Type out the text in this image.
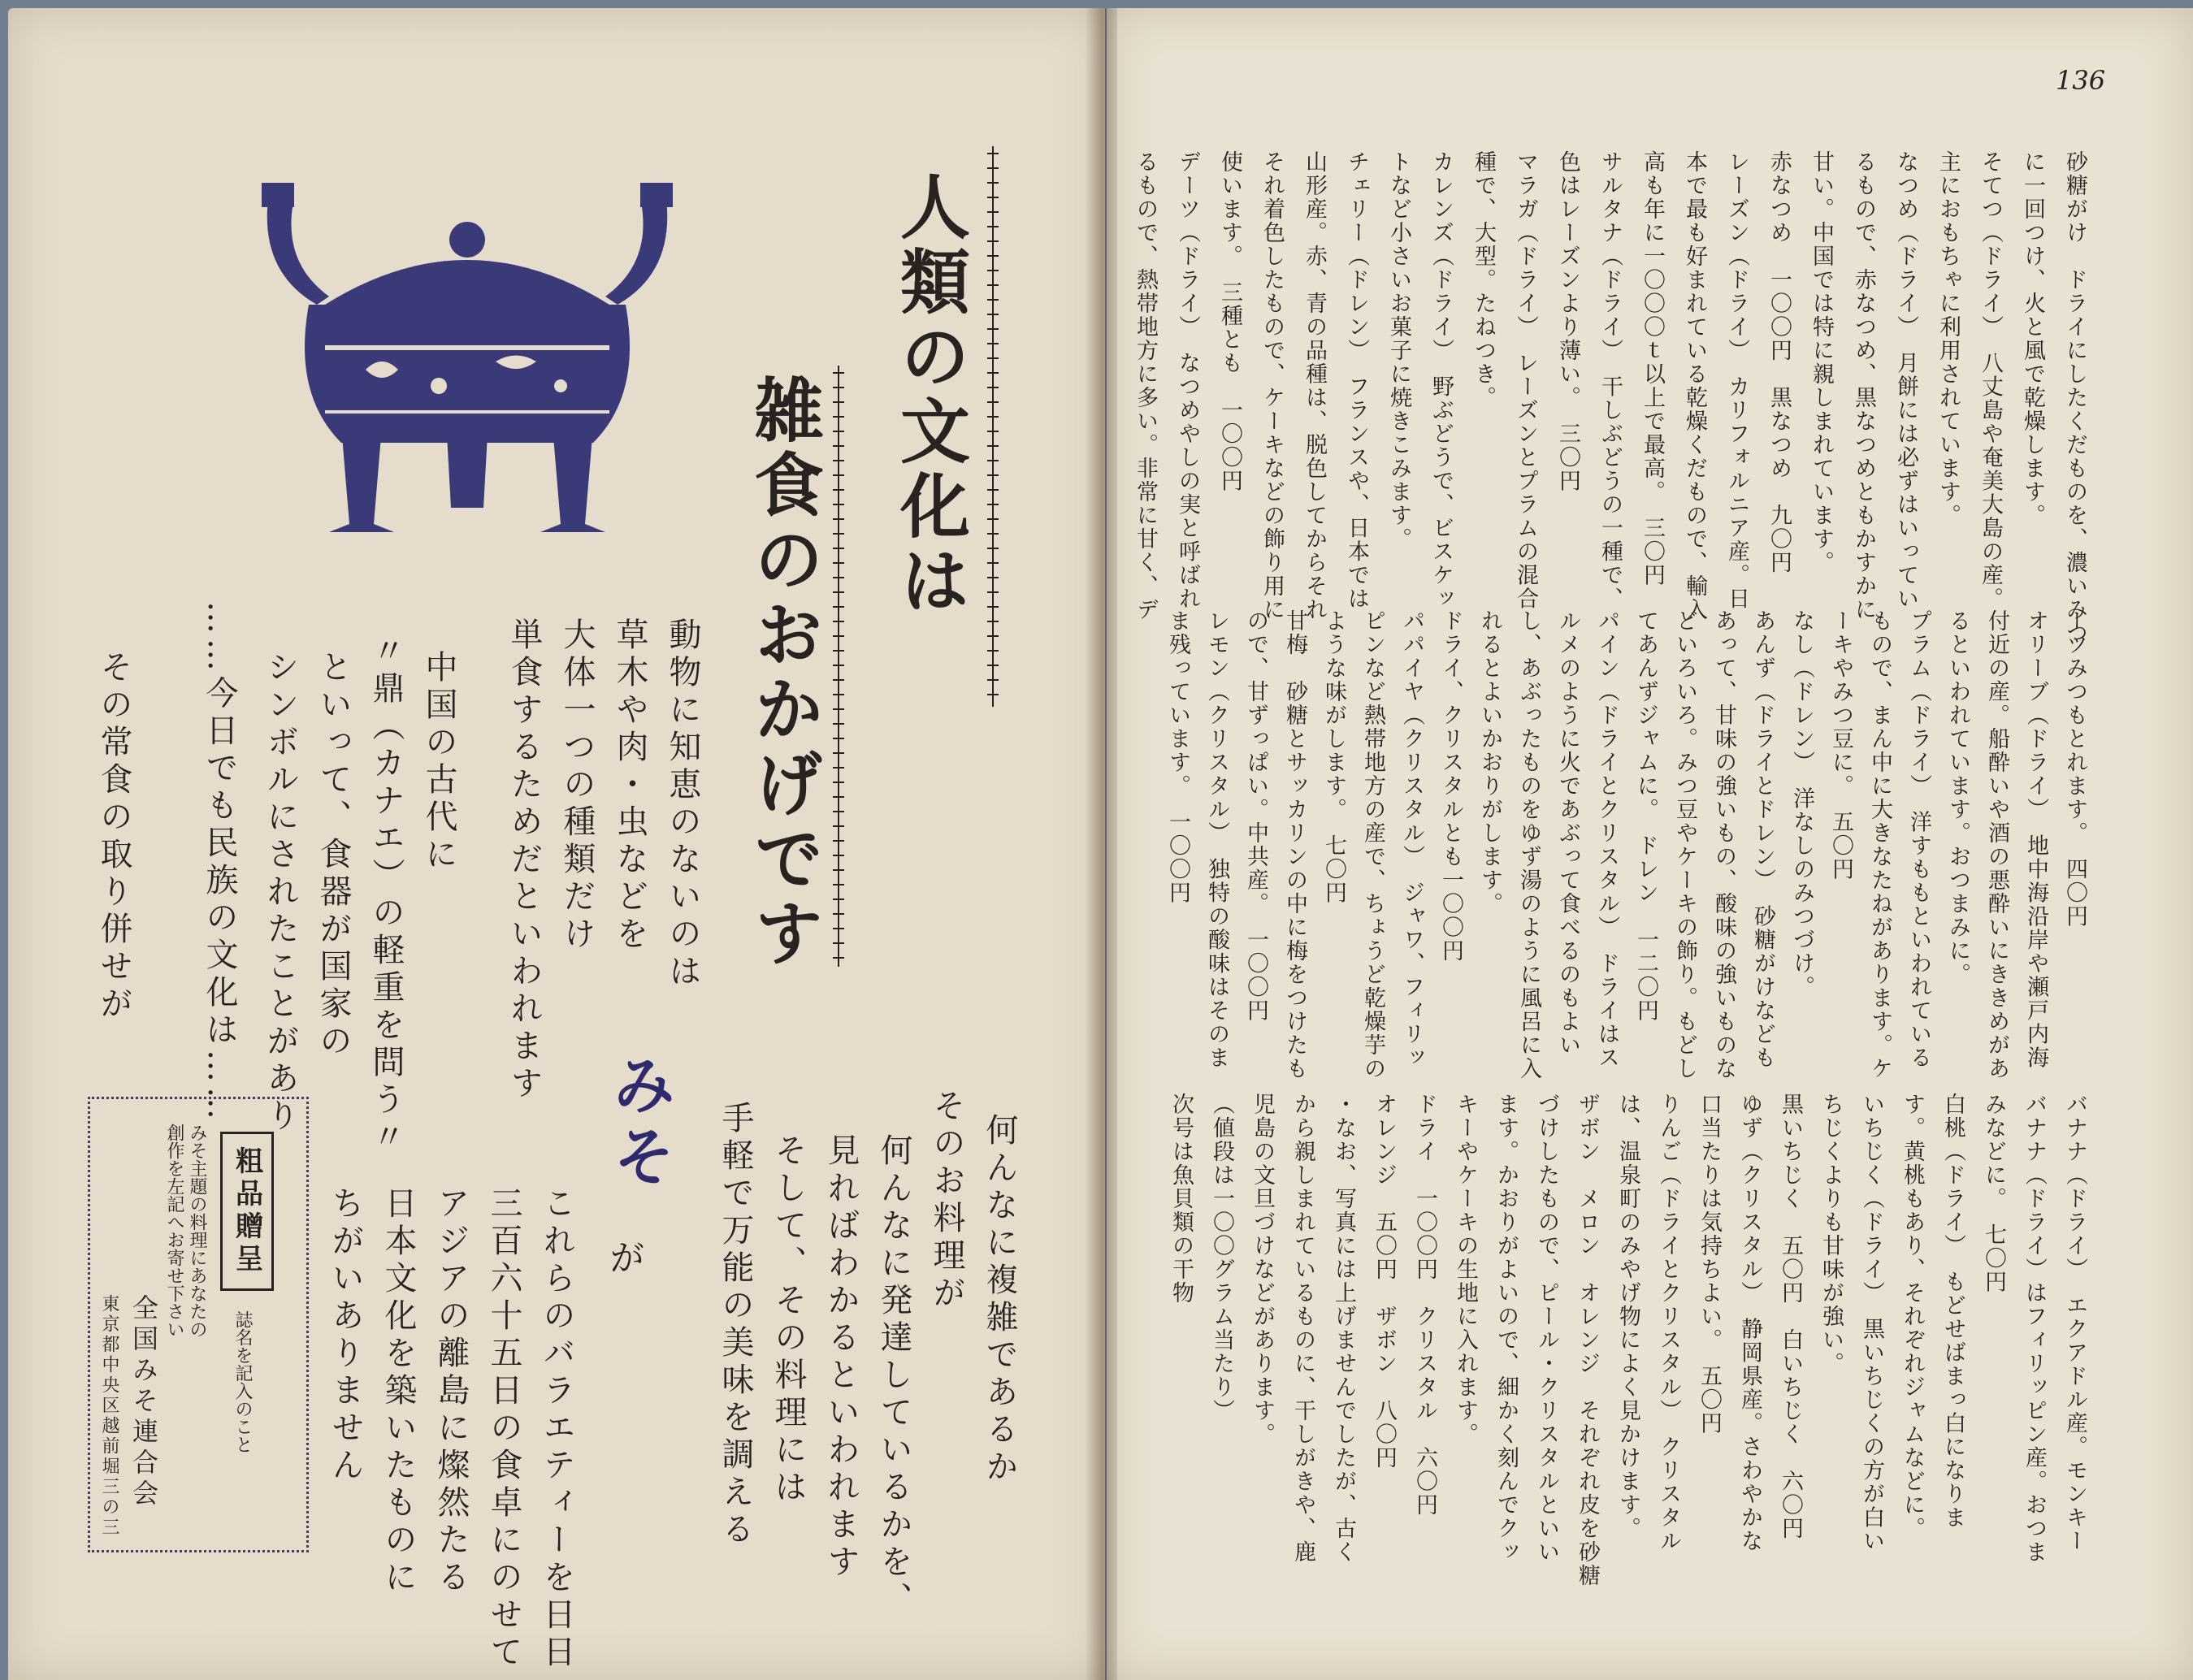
136
人類の文化は
雑食のおかげです
動物に知恵のないのは
草木や肉・虫などを
大体一つの種類だけ
単食するためだといわれます
中国の古代に
〃鼎（カナエ）の軽重を問う〃
といって、食器が国家の
シンボルにされたことがあり
……今日でも民族の文化は……
その常食の取り併せが
何んなに複雑であるか
そのお料理が
何んなに発達しているかを、
見ればわかるといわれます
そして、その料理には
手軽で万能の美味を調える
みそ
が
これらのバラエティーを日日
三百六十五日の食卓にのせて
アジアの離島に燦然たる
日本文化を築いたものに
ちがいありません
粗品贈呈
みそ主題の料理にあなたの
創作を左記へお寄せ下さい
誌名を記入のこと
全国みそ連合会
東京都中央区越前堀三の三
砂糖がけ　ドライにしたくだものを、濃いみつ
に一回つけ、火と風で乾燥します。
そてつ（ドライ）　八丈島や奄美大島の産。
主におもちゃに利用されています。
なつめ（ドライ）　月餅には必ずはいってい
るもので、赤なつめ、黒なつめともかすかに
甘い。中国では特に親しまれています。
赤なつめ　一〇〇円　黒なつめ　九〇円
レーズン（ドライ）　カリフォルニア産。日
本で最も好まれている乾燥くだもので、輸入
高も年に一〇〇〇ｔ以上で最高。　三〇円
サルタナ（ドライ）　干しぶどうの一種で、
色はレーズンより薄い。　三〇円
マラガ（ドライ）　レーズンとプラムの混合
種で、大型。たねつき。
カレンズ（ドライ）　野ぶどうで、ビスケッ
トなど小さいお菓子に焼きこみます。
チェリー（ドレン）　フランスや、日本では
山形産。赤、青の品種は、脱色してからそれ
それ着色したもので、ケーキなどの飾り用に
使います。　三種とも　一〇〇円
デーツ（ドライ）　なつめやしの実と呼ばれ
るもので、熱帯地方に多い。非常に甘く、デ
ーツみつもとれます。　四〇円
オリーブ（ドライ）　地中海沿岸や瀬戸内海
付近の産。船酔いや酒の悪酔いにききめがあ
るといわれています。おつまみに。
プラム（ドライ）　洋すももといわれている
もので、まん中に大きなたねがあります。ケ
ーキやみつ豆に。　五〇円
なし（ドレン）　洋なしのみつづけ。
あんず（ドライとドレン）　砂糖がけなども
あって、甘味の強いもの、酸味の強いものな
どいろいろ。みつ豆やケーキの飾り。もどし
てあんずジャムに。　ドレン　一二〇円
パイン（ドライとクリスタル）　ドライはス
ルメのように火であぶって食べるのもよい
し、あぶったものをゆず湯のように風呂に入
れるとよいかおりがします。
ドライ、クリスタルとも一〇〇円
パパイヤ（クリスタル）　ジャワ、フィリッ
ピンなど熱帯地方の産で、ちょうど乾燥芋の
ような味がします。　七〇円
甘梅　砂糖とサッカリンの中に梅をつけたも
ので、甘ずっぱい。中共産。　一〇〇円
レモン（クリスタル）　独特の酸味はそのま
ま残っています。　一〇〇円
バナナ（ドライ）　エクアドル産。モンキー
バナナ（ドライ）はフィリッピン産。おつま
みなどに。　七〇円
白桃（ドライ）　もどせばまっ白になりま
す。黄桃もあり、それぞれジャムなどに。
いちじく（ドライ）　黒いちじくの方が白い
ちじくよりも甘味が強い。
黒いちじく　五〇円　白いちじく　六〇円
ゆず（クリスタル）　静岡県産。さわやかな
口当たりは気持ちよい。　五〇円
りんご（ドライとクリスタル）　クリスタル
は、温泉町のみやげ物によく見かけます。
ザボン　メロン　オレンジ　それぞれ皮を砂糖
づけしたもので、ピール・クリスタルといい
ます。かおりがよいので、細かく刻んでクッ
キーやケーキの生地に入れます。
ドライ　一〇〇円　クリスタル　六〇円
オレンジ　五〇円　ザボン　八〇円
・なお、写真には上げませんでしたが、古く
から親しまれているものに、干しがきや、鹿
児島の文旦づけなどがあります。
（値段は一〇〇グラム当たり）
次号は魚貝類の干物
